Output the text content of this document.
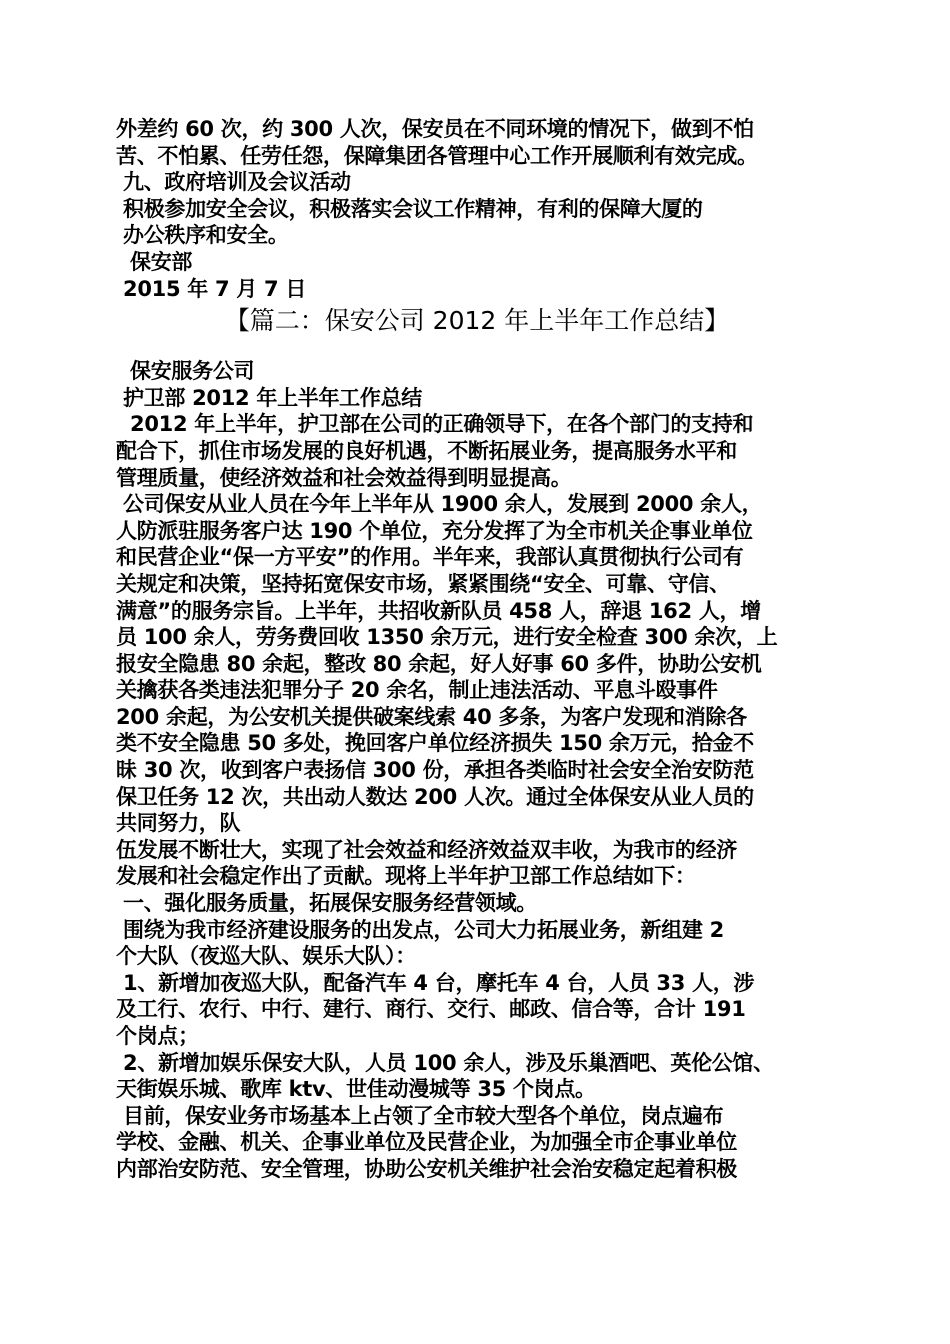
外差约 60 次，约 300 人次，保安员在不同环境的情况下，做到不怕
苦、不怕累、任劳任怨，保障集团各管理中心工作开展顺利有效完成。
九、政府培训及会议活动
积极参加安全会议，积极落实会议工作精神，有利的保障大厦的
办公秩序和安全。
保安部
2015 年 7 月 7 日
【篇二：保安公司 2012 年上半年工作总结】
保安服务公司
护卫部 2012 年上半年工作总结
2012 年上半年，护卫部在公司的正确领导下，在各个部门的支持和
配合下，抓住市场发展的良好机遇，不断拓展业务，提高服务水平和
管理质量，使经济效益和社会效益得到明显提高。
公司保安从业人员在今年上半年从 1900 余人，发展到 2000 余人，
人防派驻服务客户达 190 个单位，充分发挥了为全市机关企事业单位
和民营企业“保一方平安”的作用。半年来，我部认真贯彻执行公司有
关规定和决策，坚持拓宽保安市场，紧紧围绕“安全、可靠、守信、
满意”的服务宗旨。上半年，共招收新队员 458 人，辞退 162 人，增
员 100 余人，劳务费回收 1350 余万元，进行安全检查 300 余次，上
报安全隐患 80 余起，整改 80 余起，好人好事 60 多件，协助公安机
关擒获各类违法犯罪分子 20 余名，制止违法活动、平息斗殴事件
200 余起，为公安机关提供破案线索 40 多条，为客户发现和消除各
类不安全隐患 50 多处，挽回客户单位经济损失 150 余万元，拾金不
昧 30 次，收到客户表扬信 300 份，承担各类临时社会安全治安防范
保卫任务 12 次，共出动人数达 200 人次。通过全体保安从业人员的
共同努力，队
伍发展不断壮大，实现了社会效益和经济效益双丰收，为我市的经济
发展和社会稳定作出了贡献。现将上半年护卫部工作总结如下：
一、强化服务质量，拓展保安服务经营领域。
围绕为我市经济建设服务的出发点，公司大力拓展业务，新组建 2
个大队（夜巡大队、娱乐大队）：
1、新增加夜巡大队，配备汽车 4 台，摩托车 4 台，人员 33 人，涉
及工行、农行、中行、建行、商行、交行、邮政、信合等，合计 191
个岗点；
2、新增加娱乐保安大队，人员 100 余人，涉及乐巢酒吧、英伦公馆、
天街娱乐城、歌库 ktv、世佳动漫城等 35 个岗点。
目前，保安业务市场基本上占领了全市较大型各个单位，岗点遍布
学校、金融、机关、企事业单位及民营企业，为加强全市企事业单位
内部治安防范、安全管理，协助公安机关维护社会治安稳定起着积极
